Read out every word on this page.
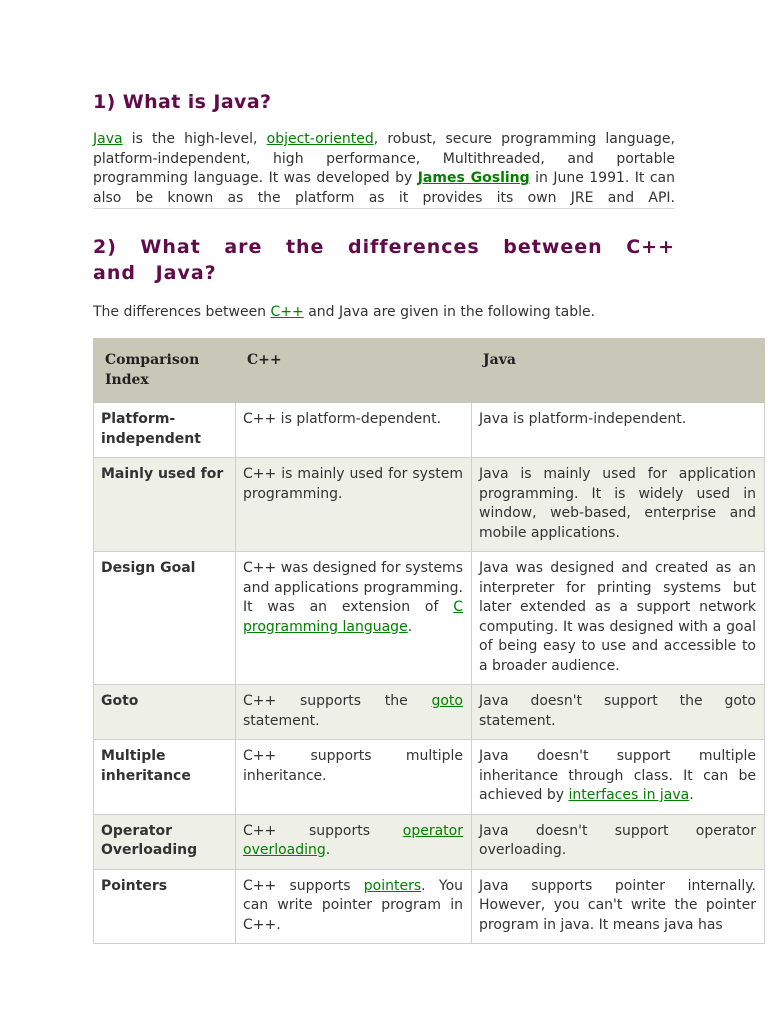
1) What is Java?

Java is the high-level, object-oriented, robust, secure programming language, platform-independent, high performance, Multithreaded, and portable programming language. It was developed by James Gosling in June 1991. It can also be known as the platform as it provides its own JRE and API.

2) What are the differences between C++ and Java?

The differences between C++ and Java are given in the following table.

Comparison Index	C++	Java
Platform-independent	C++ is platform-dependent.	Java is platform-independent.
Mainly used for	C++ is mainly used for system programming.	Java is mainly used for application programming. It is widely used in window, web-based, enterprise and mobile applications.
Design Goal	C++ was designed for systems and applications programming. It was an extension of C programming language.	Java was designed and created as an interpreter for printing systems but later extended as a support network computing. It was designed with a goal of being easy to use and accessible to a broader audience.
Goto	C++ supports the goto statement.	Java doesn't support the goto statement.
Multiple inheritance	C++ supports multiple inheritance.	Java doesn't support multiple inheritance through class. It can be achieved by interfaces in java.
Operator Overloading	C++ supports operator overloading.	Java doesn't support operator overloading.
Pointers	C++ supports pointers. You can write pointer program in C++.	Java supports pointer internally. However, you can't write the pointer program in java. It means java has
